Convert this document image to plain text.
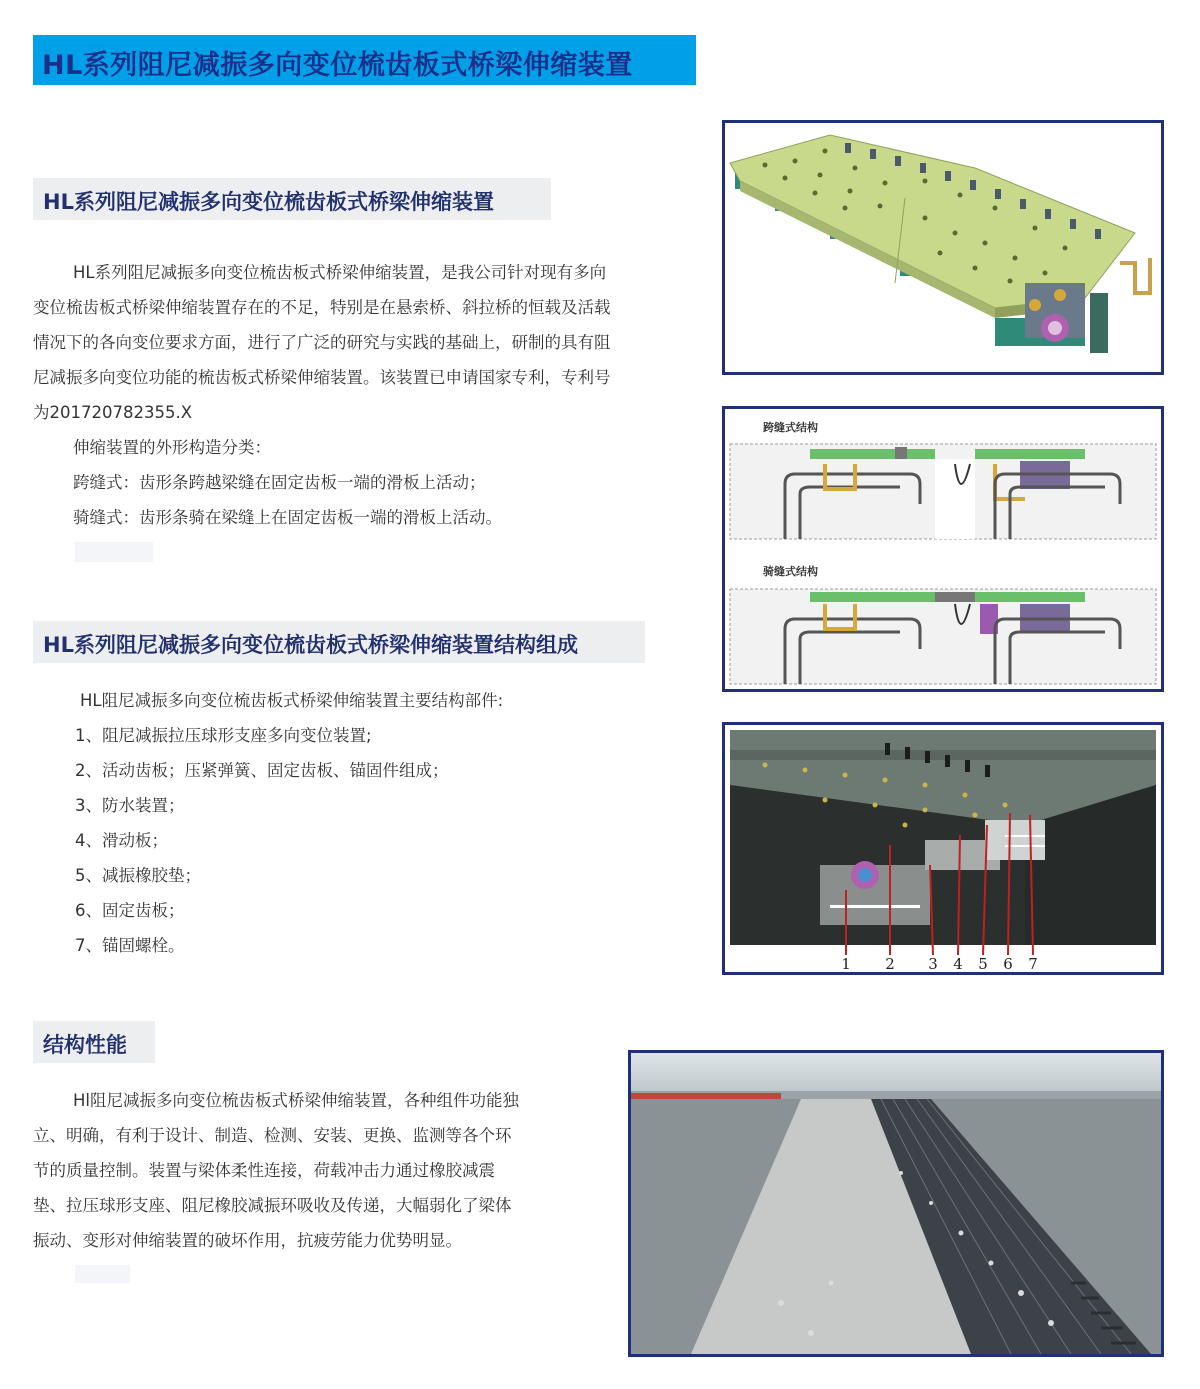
HL系列阻尼减振多向变位梳齿板式桥梁伸缩装置
HL系列阻尼减振多向变位梳齿板式桥梁伸缩装置

HL系列阻尼减振多向变位梳齿板式桥梁伸缩装置，是我公司针对现有多向

变位梳齿板式桥梁伸缩装置存在的不足，特别是在悬索桥、斜拉桥的恒载及活载

情况下的各向变位要求方面，进行了广泛的研究与实践的基础上，研制的具有阻

尼减振多向变位功能的梳齿板式桥梁伸缩装置。该装置已申请国家专利，专利号

为201720782355.X

伸缩装置的外形构造分类：

跨缝式：齿形条跨越梁缝在固定齿板一端的滑板上活动；

骑缝式：齿形条骑在梁缝上在固定齿板一端的滑板上活动。

HL系列阻尼减振多向变位梳齿板式桥梁伸缩装置结构组成

HL阻尼减振多向变位梳齿板式桥梁伸缩装置主要结构部件:

1、阻尼减振拉压球形支座多向变位装置;

2、活动齿板；压紧弹簧、固定齿板、锚固件组成；

3、防水装置；

4、滑动板；

5、减振橡胶垫；

6、固定齿板；

7、锚固螺栓。

结构性能

Hl阻尼减振多向变位梳齿板式桥梁伸缩装置，各种组件功能独

立、明确，有利于设计、制造、检测、安装、更换、监测等各个环

节的质量控制。装置与梁体柔性连接，荷载冲击力通过橡胶减震

垫、拉压球形支座、阻尼橡胶减振环吸收及传递，大幅弱化了梁体

振动、变形对伸缩装置的破坏作用，抗疲劳能力优势明显。

跨缝式结构
骑缝式结构
1 2 3 4 5 6 7
